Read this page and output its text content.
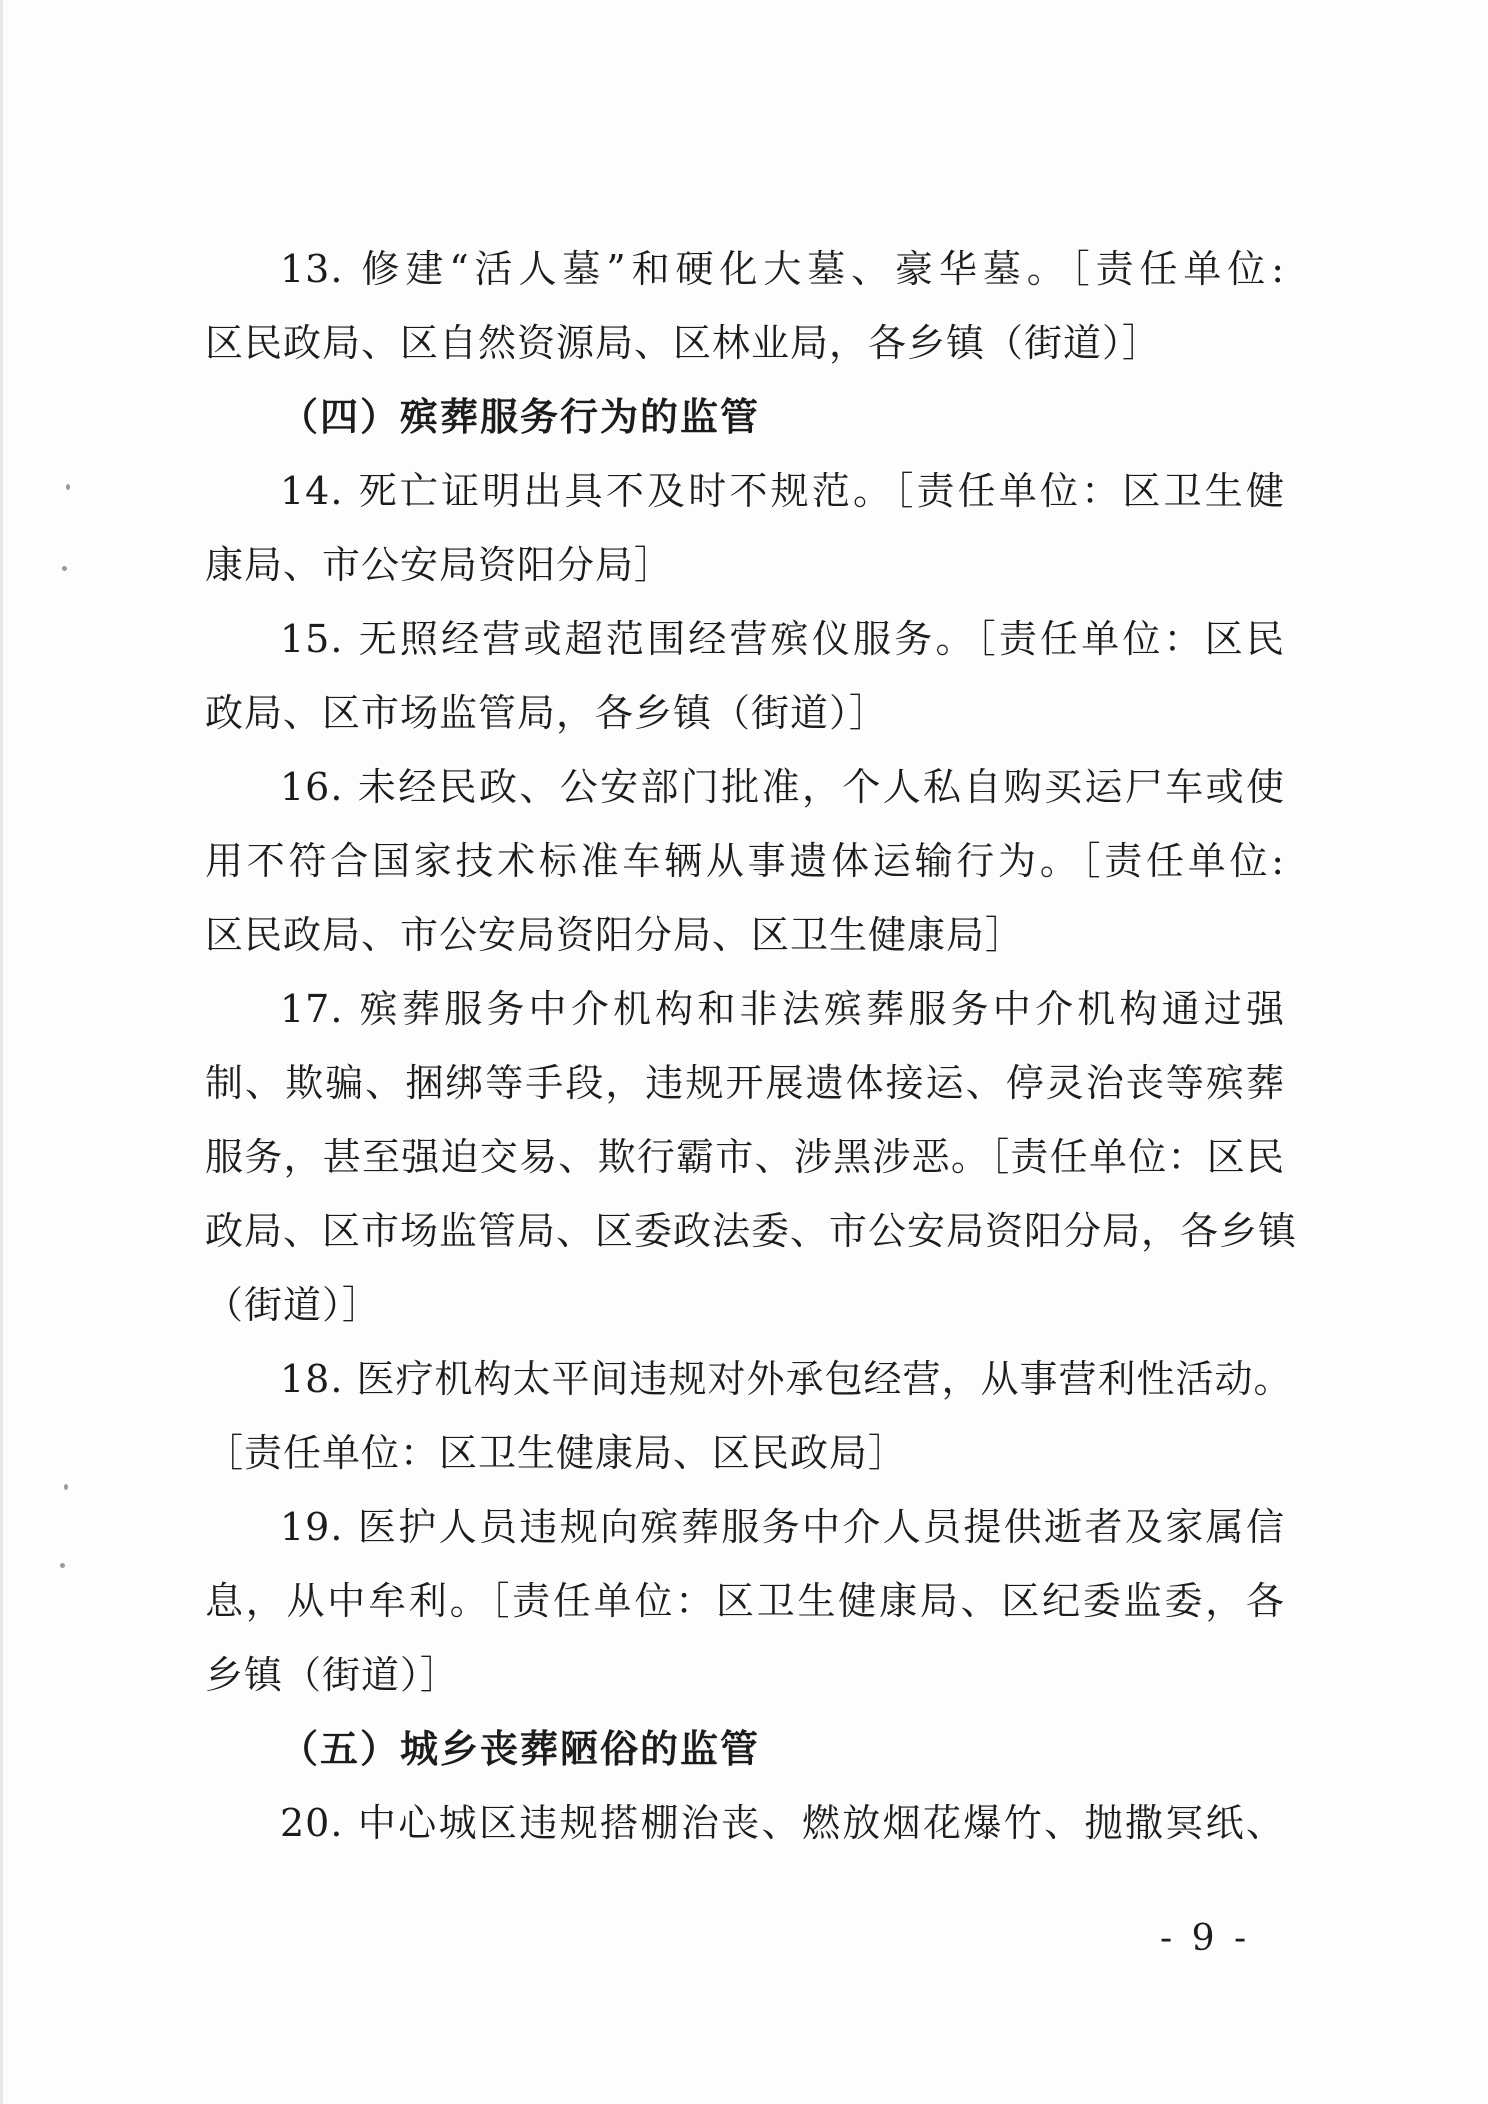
13. 修建“活人墓”和硬化大墓、豪华墓。［责任单位:
区民政局、区自然资源局、区林业局，各乡镇（街道）］
（四）殡葬服务行为的监管
14. 死亡证明出具不及时不规范。［责任单位：区卫生健
康局、市公安局资阳分局］
15. 无照经营或超范围经营殡仪服务。［责任单位：区民
政局、区市场监管局，各乡镇（街道）］
16. 未经民政、公安部门批准，个人私自购买运尸车或使
用不符合国家技术标准车辆从事遗体运输行为。［责任单位:
区民政局、市公安局资阳分局、区卫生健康局］
17. 殡葬服务中介机构和非法殡葬服务中介机构通过强
制、欺骗、捆绑等手段，违规开展遗体接运、停灵治丧等殡葬
服务，甚至强迫交易、欺行霸市、涉黑涉恶。［责任单位：区民
政局、区市场监管局、区委政法委、市公安局资阳分局，各乡镇
（街道）］
18. 医疗机构太平间违规对外承包经营，从事营利性活动。
［责任单位：区卫生健康局、区民政局］
19. 医护人员违规向殡葬服务中介人员提供逝者及家属信
息，从中牟利。［责任单位：区卫生健康局、区纪委监委，各
乡镇（街道）］
（五）城乡丧葬陋俗的监管
20. 中心城区违规搭棚治丧、燃放烟花爆竹、抛撒冥纸、
- 9 -
